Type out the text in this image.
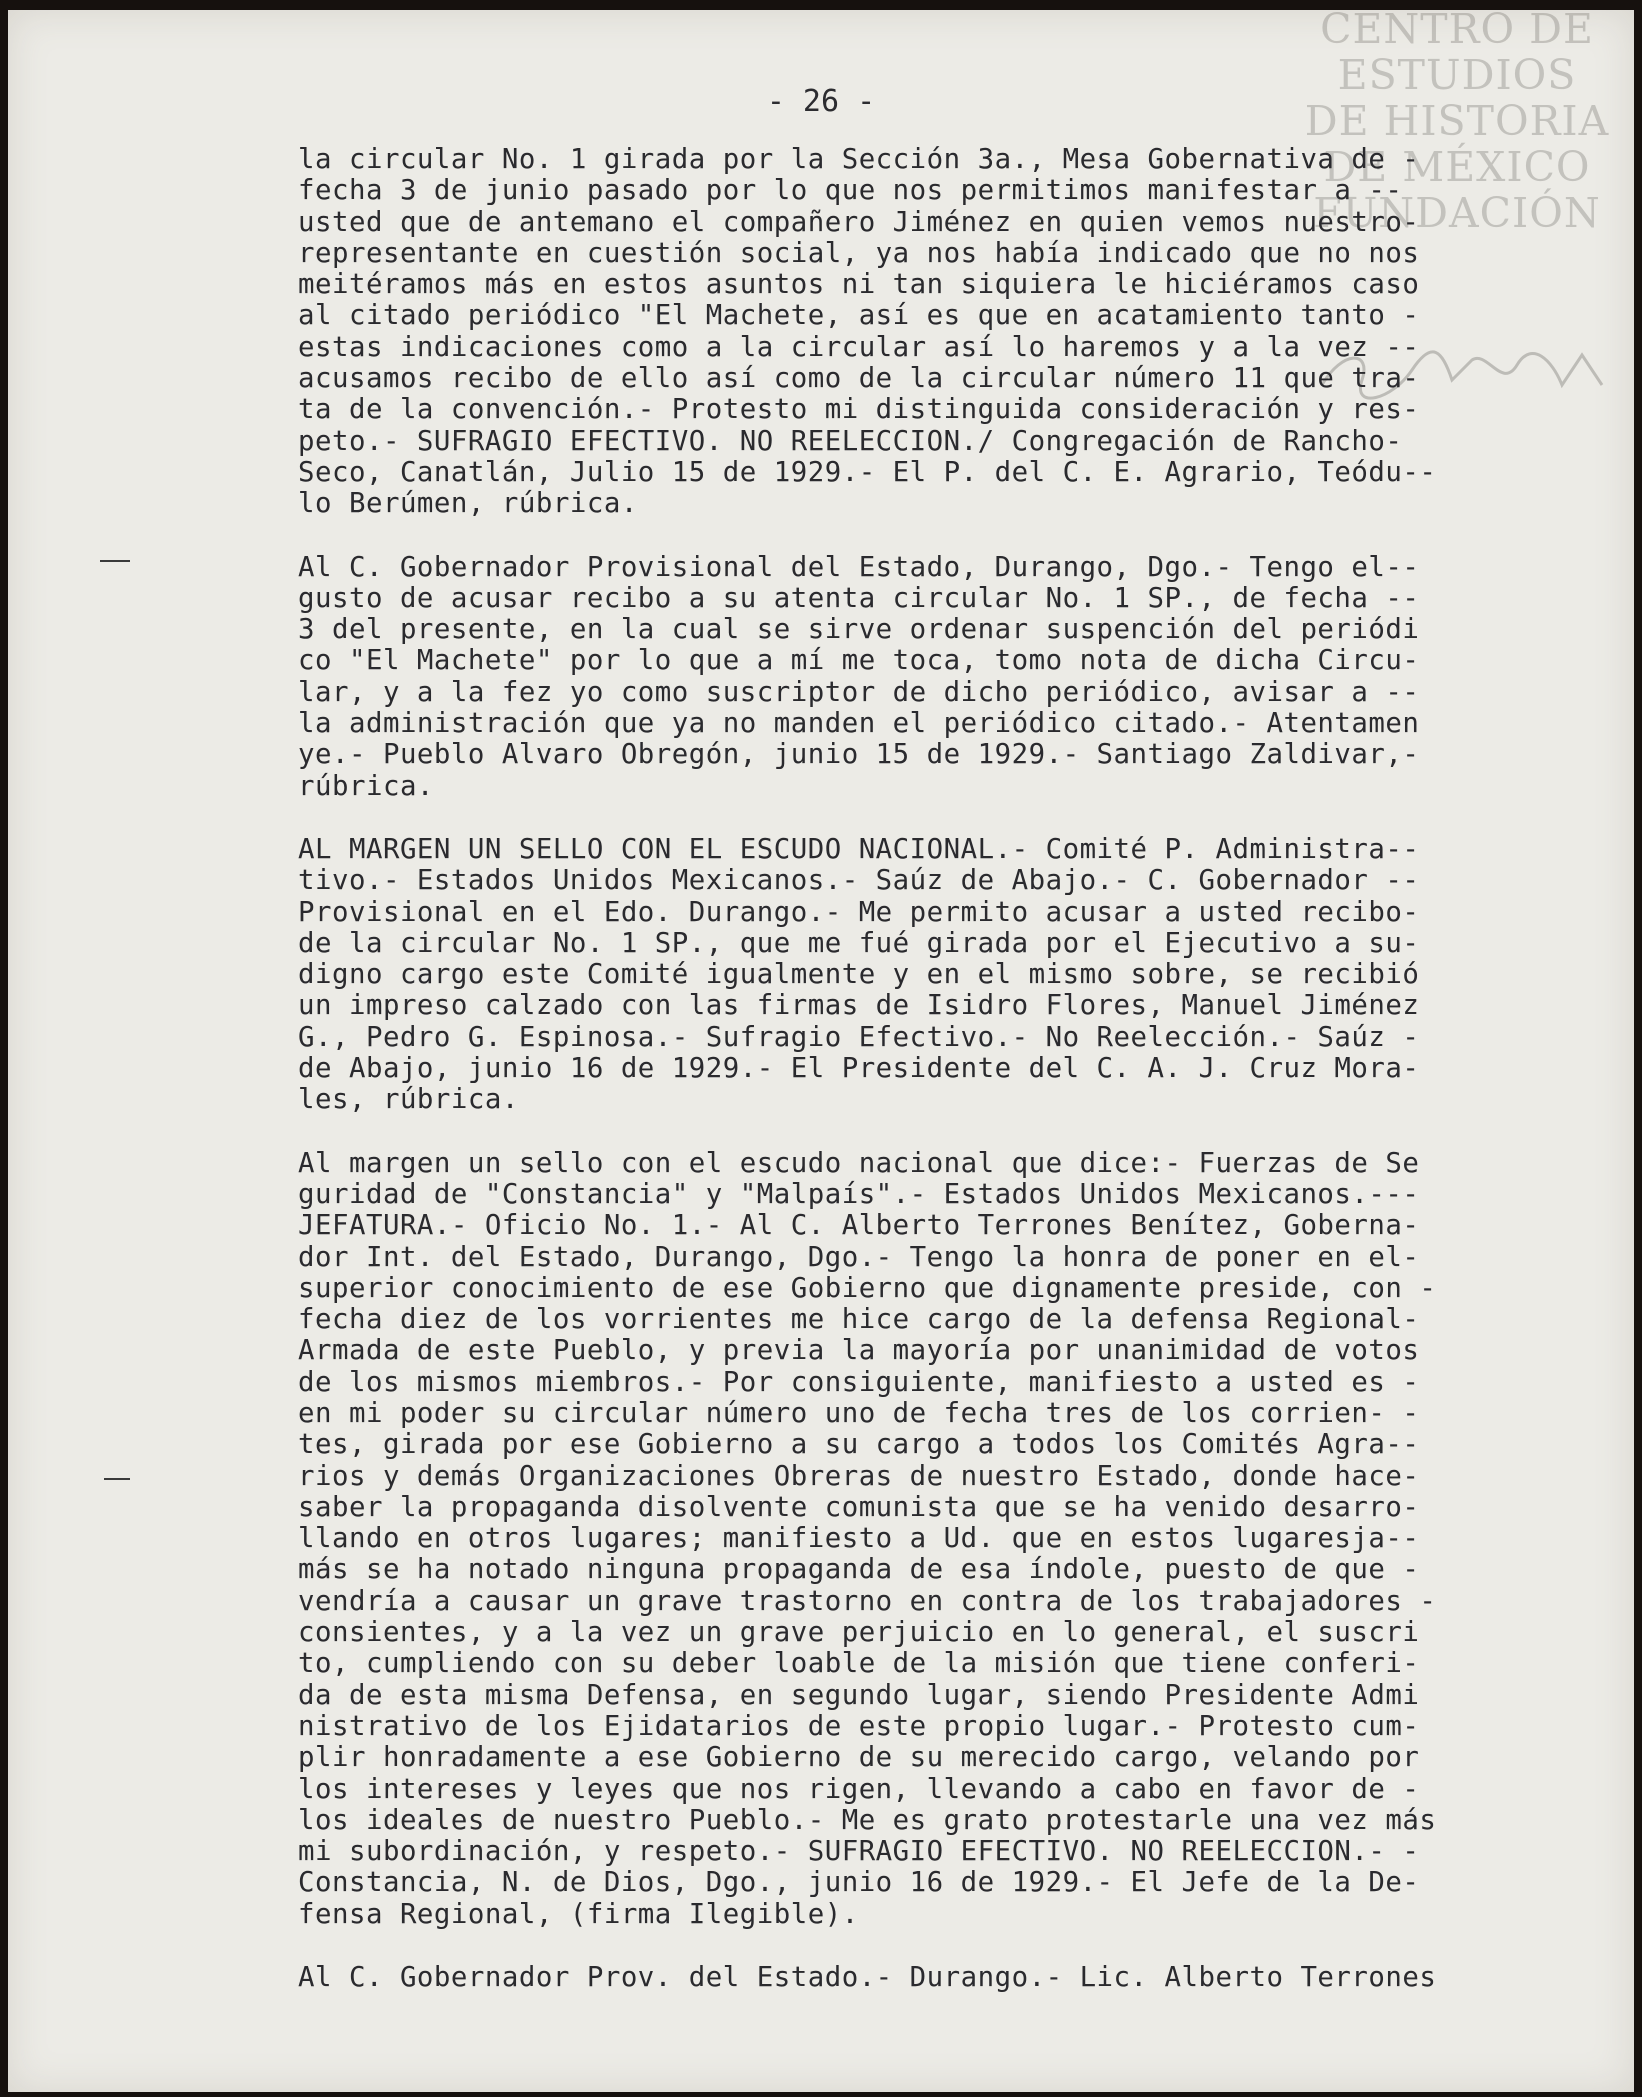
CENTRO DE
ESTUDIOS
DE HISTORIA
DE MÉXICO
FUNDACIÓN
- 26 -
la circular No. 1 girada por la Sección 3a., Mesa Gobernativa de -
fecha 3 de junio pasado por lo que nos permitimos manifestar a --
usted que de antemano el compañero Jiménez en quien vemos nuestro-
representante en cuestión social, ya nos había indicado que no nos
meitéramos más en estos asuntos ni tan siquiera le hiciéramos caso
al citado periódico "El Machete, así es que en acatamiento tanto -
estas indicaciones como a la circular así lo haremos y a la vez --
acusamos recibo de ello así como de la circular número 11 que tra-
ta de la convención.- Protesto mi distinguida consideración y res-
peto.- SUFRAGIO EFECTIVO. NO REELECCION./ Congregación de Rancho-
Seco, Canatlán, Julio 15 de 1929.- El P. del C. E. Agrario, Teódu--
lo Berúmen, rúbrica.
Al C. Gobernador Provisional del Estado, Durango, Dgo.- Tengo el--
gusto de acusar recibo a su atenta circular No. 1 SP., de fecha --
3 del presente, en la cual se sirve ordenar suspención del periódi
co "El Machete" por lo que a mí me toca, tomo nota de dicha Circu-
lar, y a la fez yo como suscriptor de dicho periódico, avisar a --
la administración que ya no manden el periódico citado.- Atentamen
ye.- Pueblo Alvaro Obregón, junio 15 de 1929.- Santiago Zaldivar,-
rúbrica.
AL MARGEN UN SELLO CON EL ESCUDO NACIONAL.- Comité P. Administra--
tivo.- Estados Unidos Mexicanos.- Saúz de Abajo.- C. Gobernador --
Provisional en el Edo. Durango.- Me permito acusar a usted recibo-
de la circular No. 1 SP., que me fué girada por el Ejecutivo a su-
digno cargo este Comité igualmente y en el mismo sobre, se recibió
un impreso calzado con las firmas de Isidro Flores, Manuel Jiménez
G., Pedro G. Espinosa.- Sufragio Efectivo.- No Reelección.- Saúz -
de Abajo, junio 16 de 1929.- El Presidente del C. A. J. Cruz Mora-
les, rúbrica.
Al margen un sello con el escudo nacional que dice:- Fuerzas de Se
guridad de "Constancia" y "Malpaís".- Estados Unidos Mexicanos.---
JEFATURA.- Oficio No. 1.- Al C. Alberto Terrones Benítez, Goberna-
dor Int. del Estado, Durango, Dgo.- Tengo la honra de poner en el-
superior conocimiento de ese Gobierno que dignamente preside, con -
fecha diez de los vorrientes me hice cargo de la defensa Regional-
Armada de este Pueblo, y previa la mayoría por unanimidad de votos
de los mismos miembros.- Por consiguiente, manifiesto a usted es -
en mi poder su circular número uno de fecha tres de los corrien- -
tes, girada por ese Gobierno a su cargo a todos los Comités Agra--
rios y demás Organizaciones Obreras de nuestro Estado, donde hace-
saber la propaganda disolvente comunista que se ha venido desarro-
llando en otros lugares; manifiesto a Ud. que en estos lugaresja--
más se ha notado ninguna propaganda de esa índole, puesto de que -
vendría a causar un grave trastorno en contra de los trabajadores -
consientes, y a la vez un grave perjuicio en lo general, el suscri
to, cumpliendo con su deber loable de la misión que tiene conferi-
da de esta misma Defensa, en segundo lugar, siendo Presidente Admi
nistrativo de los Ejidatarios de este propio lugar.- Protesto cum-
plir honradamente a ese Gobierno de su merecido cargo, velando por
los intereses y leyes que nos rigen, llevando a cabo en favor de -
los ideales de nuestro Pueblo.- Me es grato protestarle una vez más
mi subordinación, y respeto.- SUFRAGIO EFECTIVO. NO REELECCION.- -
Constancia, N. de Dios, Dgo., junio 16 de 1929.- El Jefe de la De-
fensa Regional, (firma Ilegible).
Al C. Gobernador Prov. del Estado.- Durango.- Lic. Alberto Terrones
